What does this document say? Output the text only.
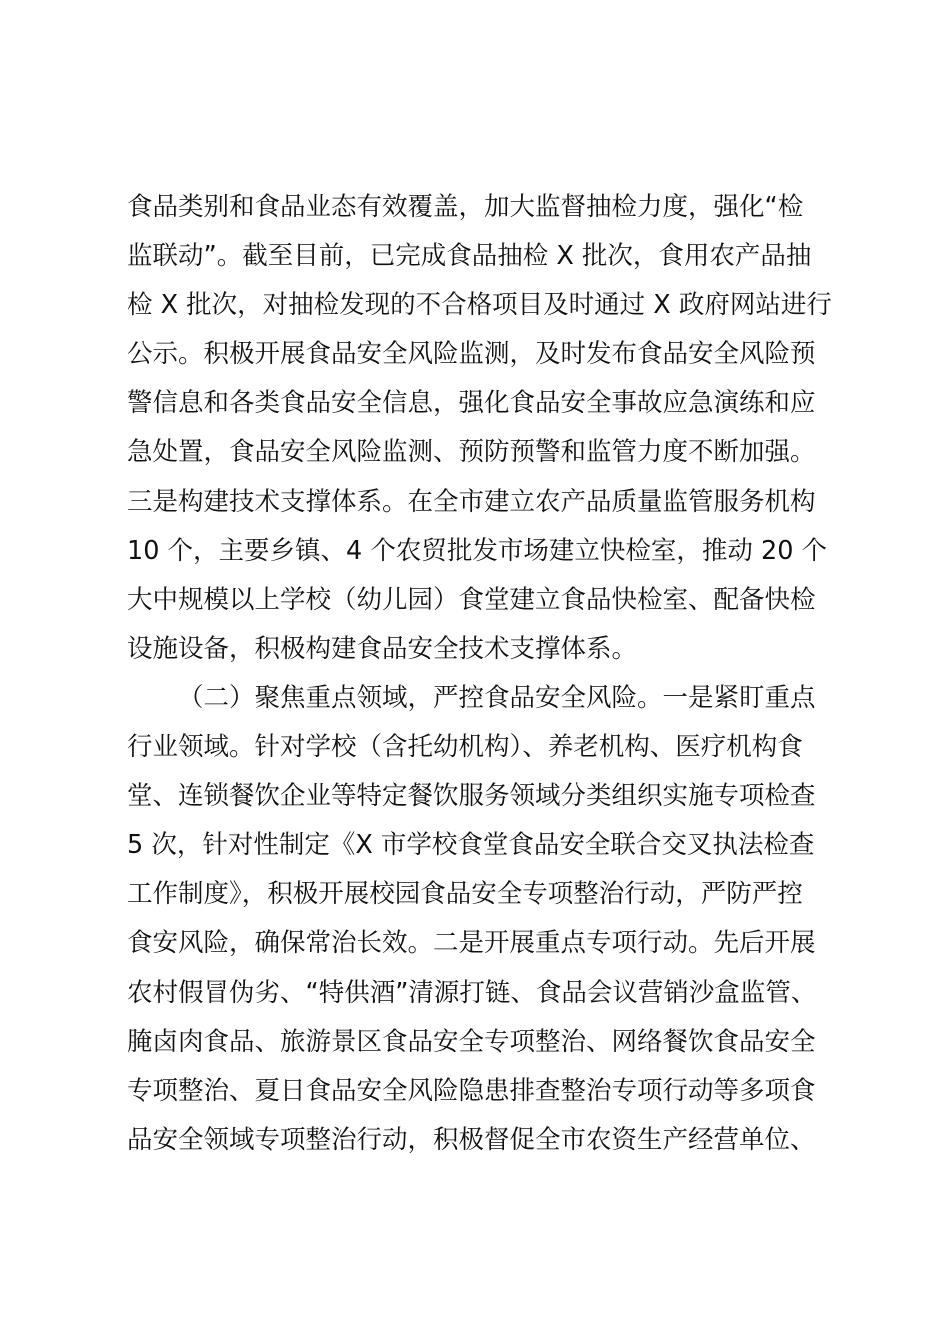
食品类别和食品业态有效覆盖，加大监督抽检力度，强化“检
监联动”。截至目前，已完成食品抽检 X 批次，食用农产品抽
检 X 批次，对抽检发现的不合格项目及时通过 X 政府网站进行
公示。积极开展食品安全风险监测，及时发布食品安全风险预
警信息和各类食品安全信息，强化食品安全事故应急演练和应
急处置，食品安全风险监测、预防预警和监管力度不断加强。
三是构建技术支撑体系。在全市建立农产品质量监管服务机构
10 个，主要乡镇、4 个农贸批发市场建立快检室，推动 20 个
大中规模以上学校（幼儿园）食堂建立食品快检室、配备快检
设施设备，积极构建食品安全技术支撑体系。
（二）聚焦重点领域，严控食品安全风险。一是紧盯重点
行业领域。针对学校（含托幼机构）、养老机构、医疗机构食
堂、连锁餐饮企业等特定餐饮服务领域分类组织实施专项检查
5 次，针对性制定《X 市学校食堂食品安全联合交叉执法检查
工作制度》，积极开展校园食品安全专项整治行动，严防严控
食安风险，确保常治长效。二是开展重点专项行动。先后开展
农村假冒伪劣、“特供酒”清源打链、食品会议营销沙盒监管、
腌卤肉食品、旅游景区食品安全专项整治、网络餐饮食品安全
专项整治、夏日食品安全风险隐患排查整治专项行动等多项食
品安全领域专项整治行动，积极督促全市农资生产经营单位、
